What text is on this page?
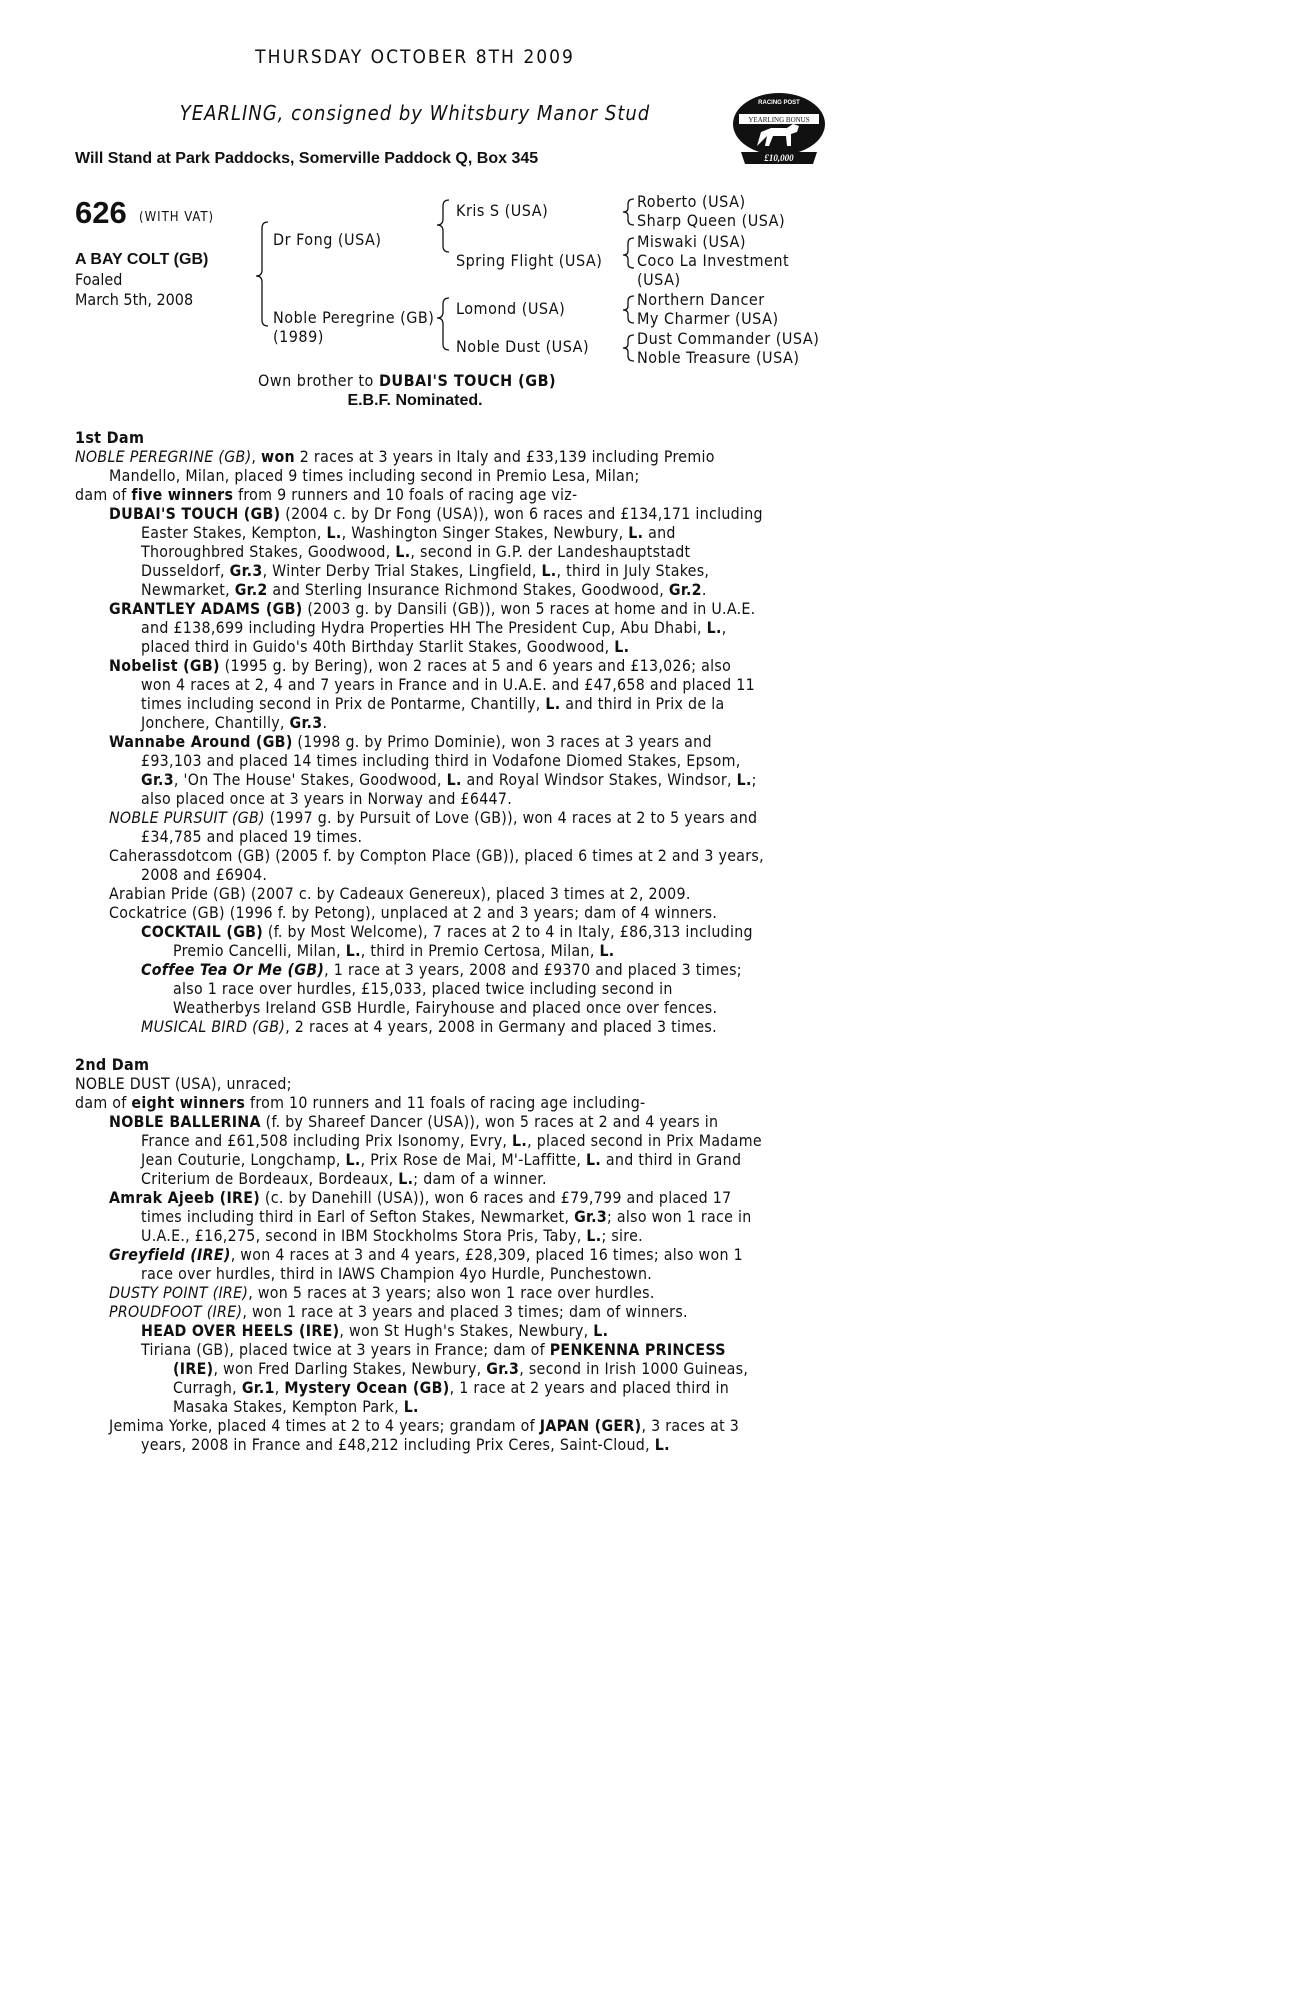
THURSDAY OCTOBER 8TH 2009
YEARLING, consigned by Whitsbury Manor Stud
Will Stand at Park Paddocks, Somerville Paddock Q, Box 345
RACING POST
YEARLING BONUS
£10,000
626 (WITH VAT)
A BAY COLT (GB)
Foaled
March 5th, 2008
Dr Fong (USA)
Noble Peregrine (GB)
(1989)
Kris S (USA)
Spring Flight (USA)
Lomond (USA)
Noble Dust (USA)
Roberto (USA)
Sharp Queen (USA)
Miswaki (USA)
Coco La Investment
(USA)
Northern Dancer
My Charmer (USA)
Dust Commander (USA)
Noble Treasure (USA)
Own brother to DUBAI'S TOUCH (GB)
E.B.F. Nominated.
1st Dam
NOBLE PEREGRINE (GB), won 2 races at 3 years in Italy and £33,139 including Premio
Mandello, Milan, placed 9 times including second in Premio Lesa, Milan;
dam of five winners from 9 runners and 10 foals of racing age viz-
DUBAI'S TOUCH (GB) (2004 c. by Dr Fong (USA)), won 6 races and £134,171 including Easter Stakes, Kempton, L., Washington Singer Stakes, Newbury, L. and Thoroughbred Stakes, Goodwood, L., second in G.P. der Landeshauptstadt Dusseldorf, Gr.3, Winter Derby Trial Stakes, Lingfield, L., third in July Stakes, Newmarket, Gr.2 and Sterling Insurance Richmond Stakes, Goodwood, Gr.2.
GRANTLEY ADAMS (GB) (2003 g. by Dansili (GB)), won 5 races at home and in U.A.E. and £138,699 including Hydra Properties HH The President Cup, Abu Dhabi, L., placed third in Guido's 40th Birthday Starlit Stakes, Goodwood, L.
Nobelist (GB) (1995 g. by Bering), won 2 races at 5 and 6 years and £13,026; also won 4 races at 2, 4 and 7 years in France and in U.A.E. and £47,658 and placed 11 times including second in Prix de Pontarme, Chantilly, L. and third in Prix de la Jonchere, Chantilly, Gr.3.
Wannabe Around (GB) (1998 g. by Primo Dominie), won 3 races at 3 years and £93,103 and placed 14 times including third in Vodafone Diomed Stakes, Epsom, Gr.3, 'On The House' Stakes, Goodwood, L. and Royal Windsor Stakes, Windsor, L.; also placed once at 3 years in Norway and £6447.
NOBLE PURSUIT (GB) (1997 g. by Pursuit of Love (GB)), won 4 races at 2 to 5 years and £34,785 and placed 19 times.
Caherassdotcom (GB) (2005 f. by Compton Place (GB)), placed 6 times at 2 and 3 years, 2008 and £6904.
Arabian Pride (GB) (2007 c. by Cadeaux Genereux), placed 3 times at 2, 2009.
Cockatrice (GB) (1996 f. by Petong), unplaced at 2 and 3 years; dam of 4 winners.
COCKTAIL (GB) (f. by Most Welcome), 7 races at 2 to 4 in Italy, £86,313 including Premio Cancelli, Milan, L., third in Premio Certosa, Milan, L.
Coffee Tea Or Me (GB), 1 race at 3 years, 2008 and £9370 and placed 3 times; also 1 race over hurdles, £15,033, placed twice including second in Weatherbys Ireland GSB Hurdle, Fairyhouse and placed once over fences.
MUSICAL BIRD (GB), 2 races at 4 years, 2008 in Germany and placed 3 times.
2nd Dam
NOBLE DUST (USA), unraced;
dam of eight winners from 10 runners and 11 foals of racing age including-
NOBLE BALLERINA (f. by Shareef Dancer (USA)), won 5 races at 2 and 4 years in France and £61,508 including Prix Isonomy, Evry, L., placed second in Prix Madame Jean Couturie, Longchamp, L., Prix Rose de Mai, M'-Laffitte, L. and third in Grand Criterium de Bordeaux, Bordeaux, L.; dam of a winner.
Amrak Ajeeb (IRE) (c. by Danehill (USA)), won 6 races and £79,799 and placed 17 times including third in Earl of Sefton Stakes, Newmarket, Gr.3; also won 1 race in U.A.E., £16,275, second in IBM Stockholms Stora Pris, Taby, L.; sire.
Greyfield (IRE), won 4 races at 3 and 4 years, £28,309, placed 16 times; also won 1 race over hurdles, third in IAWS Champion 4yo Hurdle, Punchestown.
DUSTY POINT (IRE), won 5 races at 3 years; also won 1 race over hurdles.
PROUDFOOT (IRE), won 1 race at 3 years and placed 3 times; dam of winners.
HEAD OVER HEELS (IRE), won St Hugh's Stakes, Newbury, L.
Tiriana (GB), placed twice at 3 years in France; dam of PENKENNA PRINCESS (IRE), won Fred Darling Stakes, Newbury, Gr.3, second in Irish 1000 Guineas, Curragh, Gr.1, Mystery Ocean (GB), 1 race at 2 years and placed third in Masaka Stakes, Kempton Park, L.
Jemima Yorke, placed 4 times at 2 to 4 years; grandam of JAPAN (GER), 3 races at 3 years, 2008 in France and £48,212 including Prix Ceres, Saint-Cloud, L.
